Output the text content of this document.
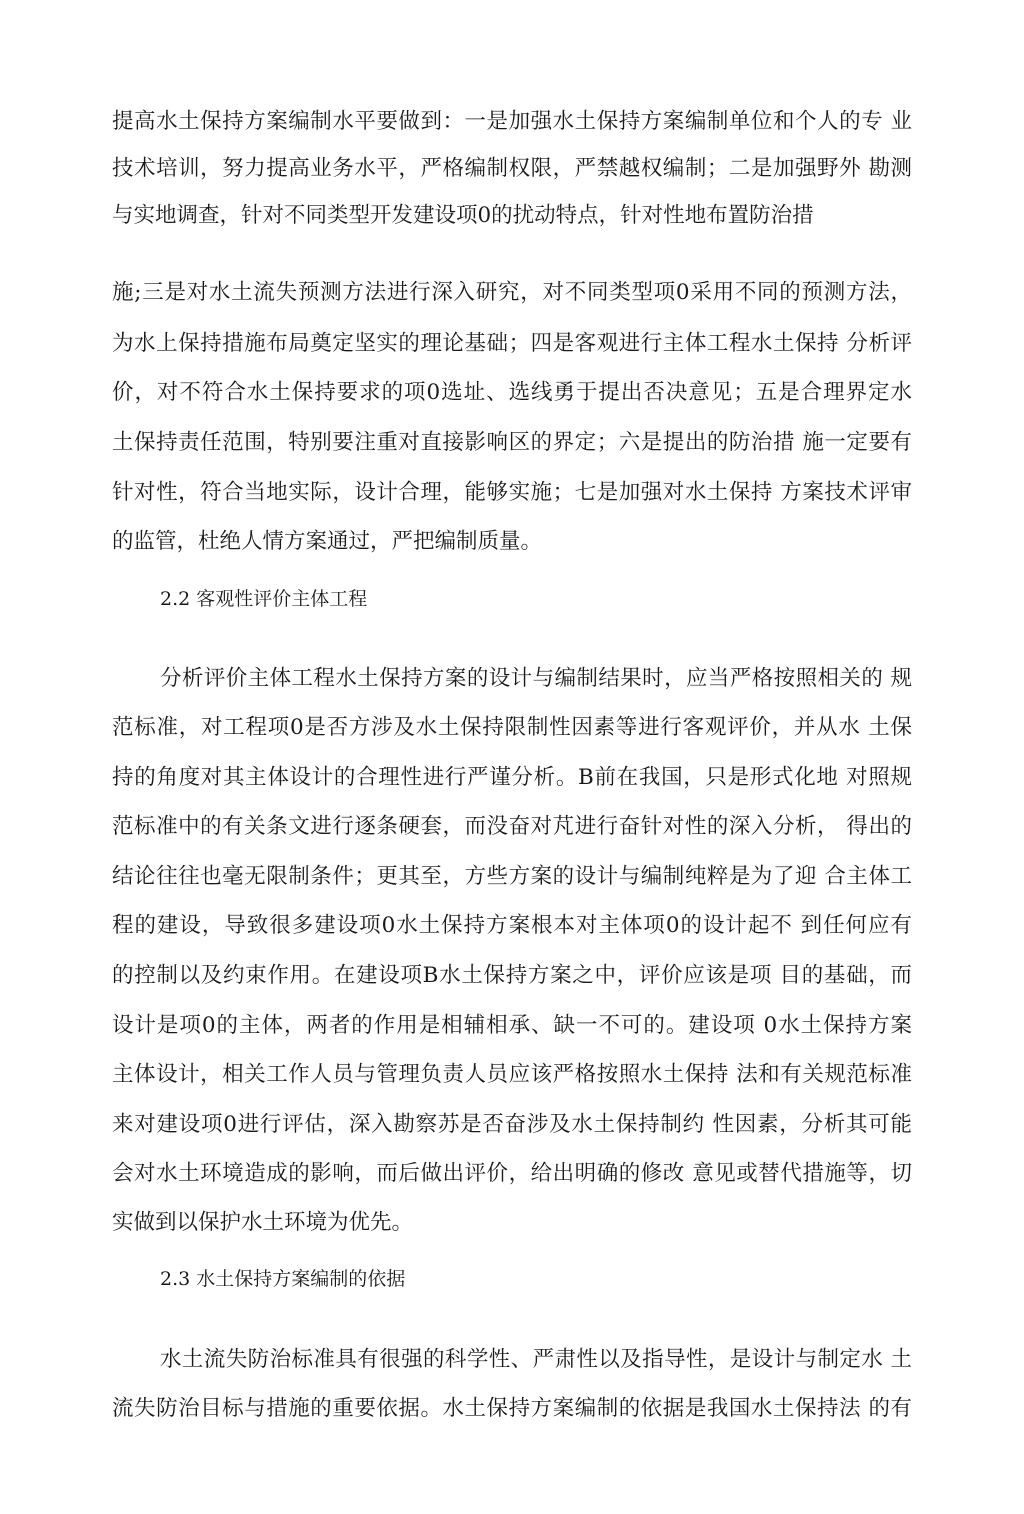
提高水土保持方案编制水平要做到：一是加强水土保持方案编制单位和个人的专 业
技术培训，努力提高业务水平，严格编制权限，严禁越权编制；二是加强野外 勘测
与实地调查，针对不同类型开发建设项0的扰动特点，针对性地布置防治措
施;三是对水土流失预测方法进行深入研究，对不同类型项0采用不同的预测方法，
为水上保持措施布局奠定坚实的理论基础；四是客观进行主体工程水土保持 分析评
价，对不符合水土保持要求的项0选址、选线勇于提出否决意见；五是合理界定水
土保持责任范围，特别要注重对直接影响区的界定；六是提出的防治措 施一定要有
针对性，符合当地实际，设计合理，能够实施；七是加强对水土保持 方案技术评审
的监管，杜绝人情方案通过，严把编制质量。
2.2 客观性评价主体工程
分析评价主体工程水土保持方案的设计与编制结果时，应当严格按照相关的 规
范标准，对工程项0是否方涉及水土保持限制性因素等进行客观评价，并从水 土保
持的角度对其主体设计的合理性进行严谨分析。B前在我国，只是形式化地 对照规
范标准中的有关条文进行逐条硬套，而没奋对芃进行奋针对性的深入分析， 得出的
结论往往也毫无限制条件；更其至，方些方案的设计与编制纯粹是为了迎 合主体工
程的建设，导致很多建设项0水土保持方案根本对主体项0的设计起不 到任何应有
的控制以及约束作用。在建设项B水土保持方案之中，评价应该是项 目的基础，而
设计是项0的主体，两者的作用是相辅相承、缺一不可的。建设项 0水土保持方案
主体设计，相关工作人员与管理负责人员应该严格按照水土保持 法和有关规范标准
来对建设项0进行评估，深入勘察苏是否奋涉及水土保持制约 性因素，分析其可能
会对水土环境造成的影响，而后做出评价，给出明确的修改 意见或替代措施等，切
实做到以保护水土环境为优先。
2.3 水土保持方案编制的依据
水土流失防治标准具有很强的科学性、严肃性以及指导性，是设计与制定水 土
流失防治目标与措施的重要依据。水土保持方案编制的依据是我国水土保持法 的有
